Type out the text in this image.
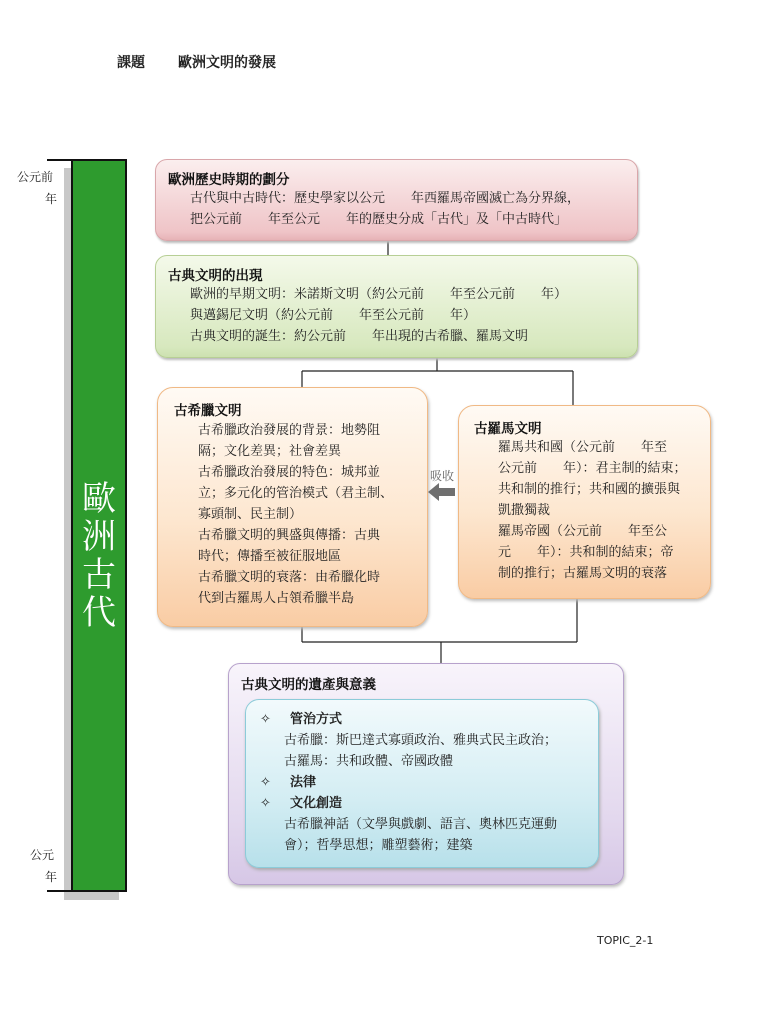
課題 歐洲文明的發展
公元前
年
公元
年
歐
洲
古
代
歐洲歷史時期的劃分
古代與中古時代：歷史學家以公元　　年西羅馬帝國滅亡為分界線，
把公元前　　年至公元　　年的歷史分成「古代」及「中古時代」
古典文明的出現
歐洲的早期文明：米諾斯文明（約公元前　　年至公元前　　年）
與邁錫尼文明（約公元前　　年至公元前　　年）
古典文明的誕生：約公元前　　年出現的古希臘、羅馬文明
古希臘文明
古希臘政治發展的背景：地勢阻
隔；文化差異；社會差異
古希臘政治發展的特色：城邦並
立；多元化的管治模式（君主制、
寡頭制、民主制）
古希臘文明的興盛與傳播：古典
時代；傳播至被征服地區
古希臘文明的衰落：由希臘化時
代到古羅馬人占領希臘半島
吸收
古羅馬文明
羅馬共和國（公元前　　年至
公元前　　年）：君主制的結束；
共和制的推行；共和國的擴張與
凱撒獨裁
羅馬帝國（公元前　　年至公
元　　年）：共和制的結束；帝
制的推行；古羅馬文明的衰落
古典文明的遺產與意義
✧ 管治方式
古希臘：斯巴達式寡頭政治、雅典式民主政治；
古羅馬：共和政體、帝國政體
✧ 法律
✧ 文化創造
古希臘神話（文學與戲劇、語言、奧林匹克運動
會）；哲學思想；雕塑藝術；建築
TOPIC_2-1
